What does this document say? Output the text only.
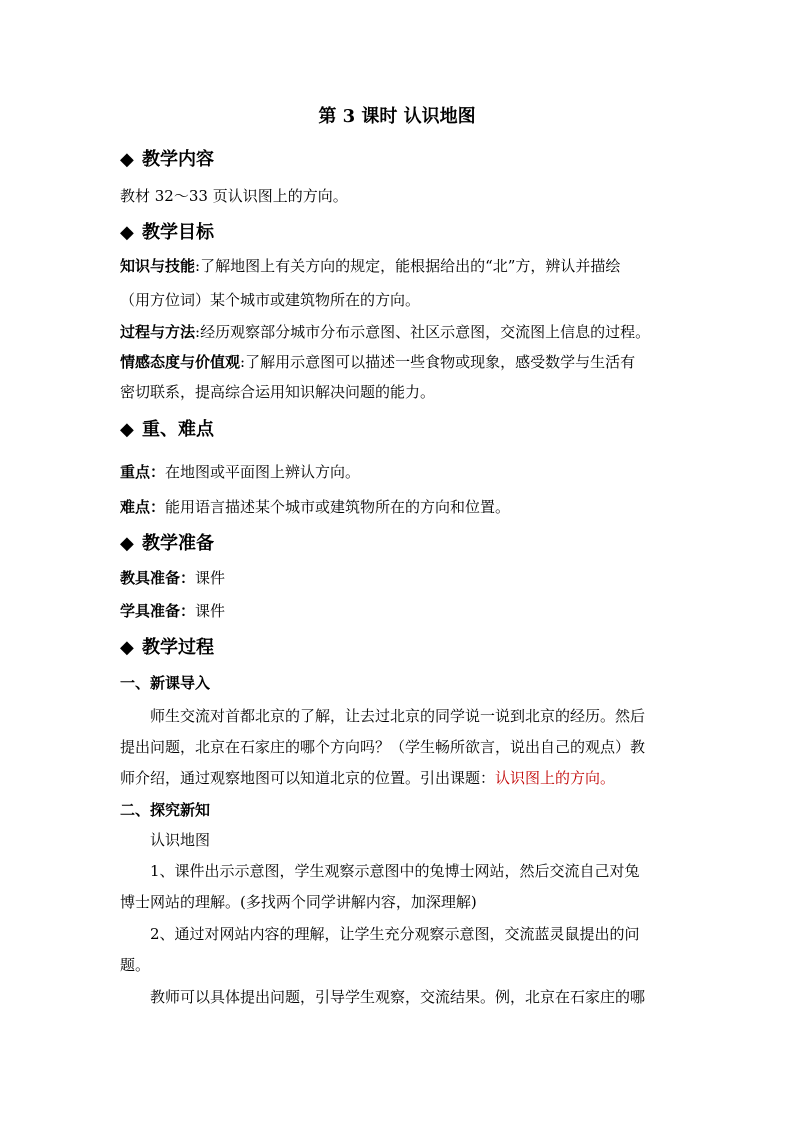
第 3 课时 认识地图
◆ 教学内容
教材 32～33 页认识图上的方向。
◆ 教学目标
知识与技能:了解地图上有关方向的规定，能根据给出的“北”方，辨认并描绘
（用方位词）某个城市或建筑物所在的方向。
过程与方法:经历观察部分城市分布示意图、社区示意图，交流图上信息的过程。
情感态度与价值观:了解用示意图可以描述一些食物或现象，感受数学与生活有
密切联系，提高综合运用知识解决问题的能力。
◆ 重、难点
重点：在地图或平面图上辨认方向。
难点：能用语言描述某个城市或建筑物所在的方向和位置。
◆ 教学准备
教具准备：课件
学具准备：课件
◆ 教学过程
一、新课导入
师生交流对首都北京的了解，让去过北京的同学说一说到北京的经历。然后
提出问题，北京在石家庄的哪个方向吗？（学生畅所欲言，说出自己的观点）教
师介绍，通过观察地图可以知道北京的位置。引出课题：认识图上的方向。
二、探究新知
认识地图
1、课件出示示意图，学生观察示意图中的兔博士网站，然后交流自己对兔
博士网站的理解。(多找两个同学讲解内容，加深理解)
2、通过对网站内容的理解，让学生充分观察示意图，交流蓝灵鼠提出的问
题。
教师可以具体提出问题，引导学生观察，交流结果。例，北京在石家庄的哪
